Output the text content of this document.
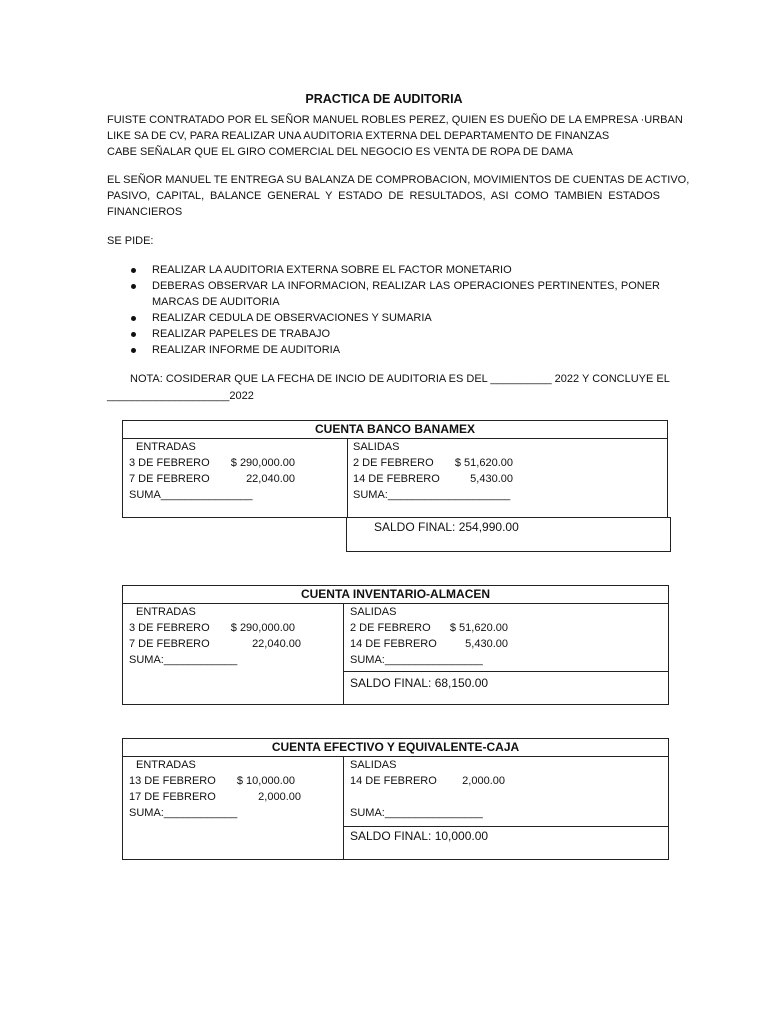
PRACTICA DE AUDITORIA
FUISTE CONTRATADO POR EL SEÑOR MANUEL ROBLES PEREZ, QUIEN ES DUEÑO DE LA EMPRESA ·URBAN
LIKE SA DE CV, PARA REALIZAR UNA AUDITORIA EXTERNA DEL DEPARTAMENTO DE FINANZAS
CABE SEÑALAR QUE EL GIRO COMERCIAL DEL NEGOCIO ES VENTA DE ROPA DE DAMA
EL SEÑOR MANUEL TE ENTREGA SU BALANZA DE COMPROBACION, MOVIMIENTOS DE CUENTAS DE ACTIVO,
PASIVO, CAPITAL, BALANCE GENERAL Y ESTADO DE RESULTADOS, ASI COMO TAMBIEN ESTADOS
FINANCIEROS
SE PIDE:
REALIZAR LA AUDITORIA EXTERNA SOBRE EL FACTOR MONETARIO
DEBERAS OBSERVAR LA INFORMACION, REALIZAR LAS OPERACIONES PERTINENTES, PONER MARCAS DE AUDITORIA
REALIZAR CEDULA DE OBSERVACIONES Y SUMARIA
REALIZAR PAPELES DE TRABAJO
REALIZAR INFORME DE AUDITORIA
NOTA: COSIDERAR QUE LA FECHA DE INCIO DE AUDITORIA ES DEL __________ 2022 Y CONCLUYE EL
____________________2022
CUENTA BANCO BANAMEX
ENTRADAS
3 DE FEBRERO	$ 290,000.00
7 DE FEBRERO	22,040.00
SUMA_______________
SALIDAS
2 DE FEBRERO	$ 51,620.00
14 DE FEBRERO	5,430.00
SUMA:____________________
SALDO FINAL: 254,990.00
CUENTA INVENTARIO-ALMACEN
ENTRADAS
3 DE FEBRERO	$ 290,000.00
7 DE FEBRERO	22,040.00
SUMA:____________
SALIDAS
2 DE FEBRERO	$ 51,620.00
14 DE FEBRERO	5,430.00
SUMA:________________
SALDO FINAL: 68,150.00
CUENTA EFECTIVO Y EQUIVALENTE-CAJA
ENTRADAS
13 DE FEBRERO	$ 10,000.00
17 DE FEBRERO	2,000.00
SUMA:____________
SALIDAS
14 DE FEBRERO	2,000.00
SUMA:________________
SALDO FINAL: 10,000.00
